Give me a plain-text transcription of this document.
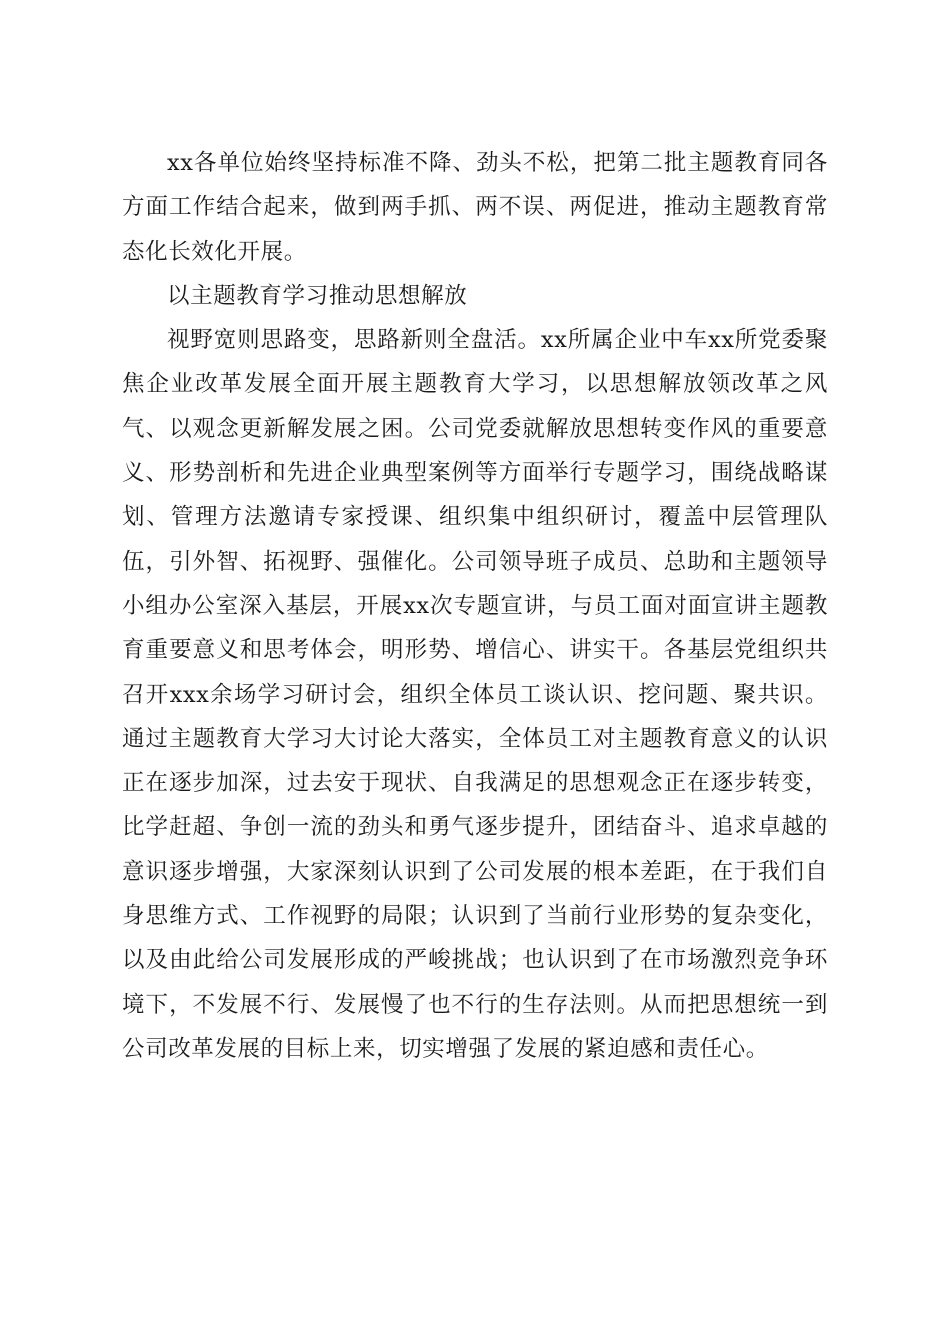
xx各单位始终坚持标准不降、劲头不松，把第二批主题教育同各方面工作结合起来，做到两手抓、两不误、两促进，推动主题教育常态化长效化开展。

以主题教育学习推动思想解放

视野宽则思路变，思路新则全盘活。xx所属企业中车xx所党委聚焦企业改革发展全面开展主题教育大学习，以思想解放领改革之风气、以观念更新解发展之困。公司党委就解放思想转变作风的重要意义、形势剖析和先进企业典型案例等方面举行专题学习，围绕战略谋划、管理方法邀请专家授课、组织集中组织研讨，覆盖中层管理队伍，引外智、拓视野、强催化。公司领导班子成员、总助和主题领导小组办公室深入基层，开展xx次专题宣讲，与员工面对面宣讲主题教育重要意义和思考体会，明形势、增信心、讲实干。各基层党组织共召开xxx余场学习研讨会，组织全体员工谈认识、挖问题、聚共识。通过主题教育大学习大讨论大落实，全体员工对主题教育意义的认识正在逐步加深，过去安于现状、自我满足的思想观念正在逐步转变，比学赶超、争创一流的劲头和勇气逐步提升，团结奋斗、追求卓越的意识逐步增强，大家深刻认识到了公司发展的根本差距，在于我们自身思维方式、工作视野的局限；认识到了当前行业形势的复杂变化，以及由此给公司发展形成的严峻挑战；也认识到了在市场激烈竞争环境下，不发展不行、发展慢了也不行的生存法则。从而把思想统一到公司改革发展的目标上来，切实增强了发展的紧迫感和责任心。
